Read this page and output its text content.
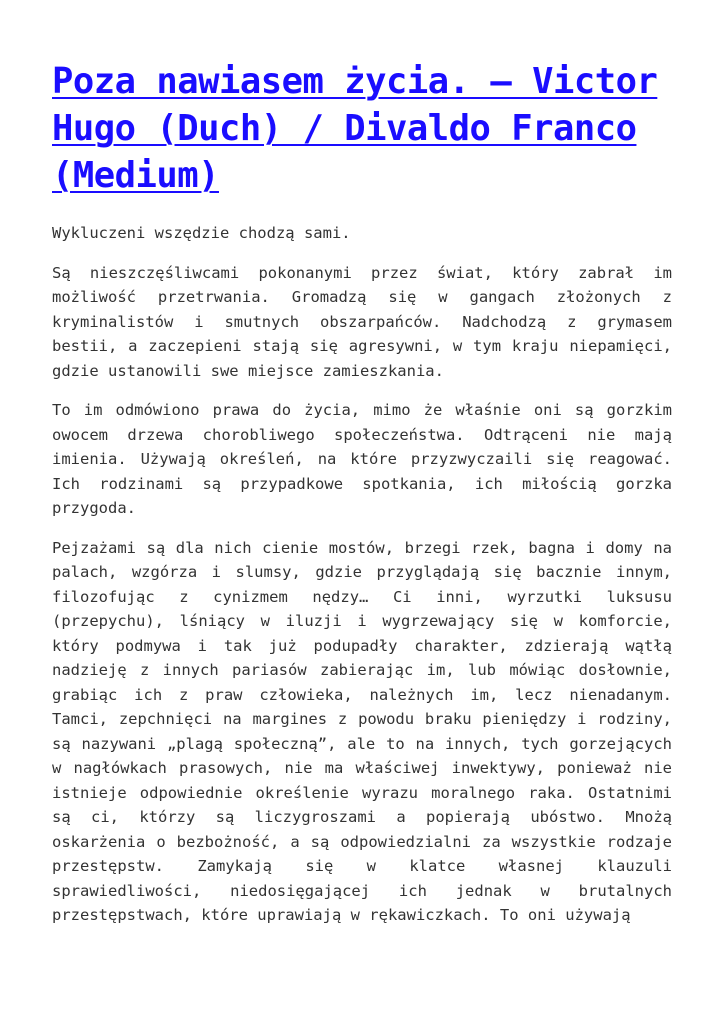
Poza nawiasem życia. – Victor Hugo (Duch) / Divaldo Franco (Medium)

Wykluczeni wszędzie chodzą sami.

Są nieszczęśliwcami pokonanymi przez świat, który zabrał im możliwość przetrwania. Gromadzą się w gangach złożonych z kryminalistów i smutnych obszarpańców. Nadchodzą z grymasem bestii, a zaczepieni stają się agresywni, w tym kraju niepamięci, gdzie ustanowili swe miejsce zamieszkania.

To im odmówiono prawa do życia, mimo że właśnie oni są gorzkim owocem drzewa chorobliwego społeczeństwa. Odtrąceni nie mają imienia. Używają określeń, na które przyzwyczaili się reagować. Ich rodzinami są przypadkowe spotkania, ich miłością gorzka przygoda.

Pejzażami są dla nich cienie mostów, brzegi rzek, bagna i domy na palach, wzgórza i slumsy, gdzie przyglądają się bacznie innym, filozofując z cynizmem nędzy… Ci inni, wyrzutki luksusu (przepychu), lśniący w iluzji i wygrzewający się w komforcie, który podmywa i tak już podupadły charakter, zdzierają wątłą nadzieję z innych pariasów zabierając im, lub mówiąc dosłownie, grabiąc ich z praw człowieka, należnych im, lecz nienadanym. Tamci, zepchnięci na margines z powodu braku pieniędzy i rodziny, są nazywani „plagą społeczną”, ale to na innych, tych gorzejących w nagłówkach prasowych, nie ma właściwej inwektywy, ponieważ nie istnieje odpowiednie określenie wyrazu moralnego raka. Ostatnimi są ci, którzy są liczygroszami a popierają ubóstwo. Mnożą oskarżenia o bezbożność, a są odpowiedzialni za wszystkie rodzaje przestępstw. Zamykają się w klatce własnej klauzuli sprawiedliwości, niedosięgającej ich jednak w brutalnych przestępstwach, które uprawiają w rękawiczkach. To oni używają
